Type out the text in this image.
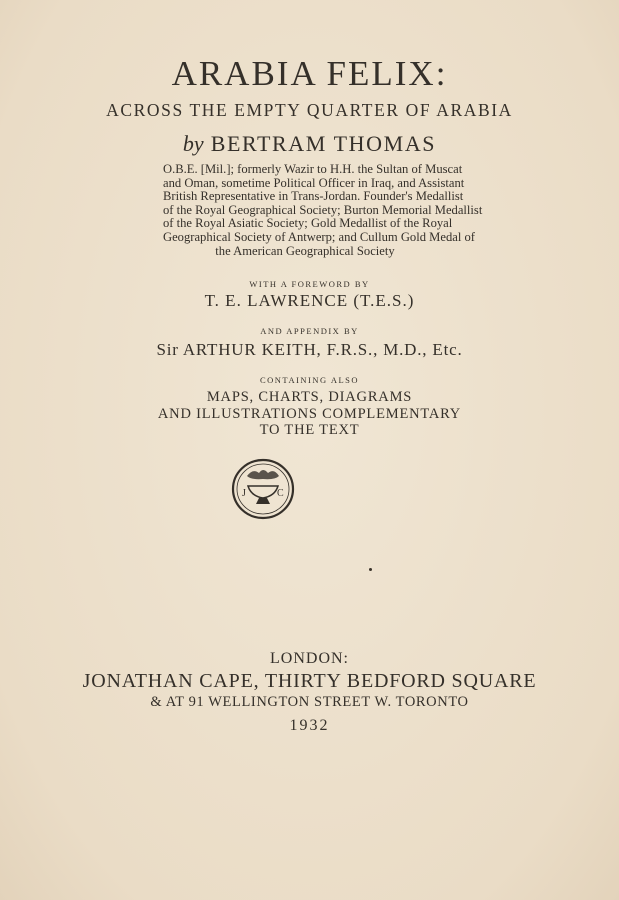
ARABIA FELIX:
ACROSS THE EMPTY QUARTER OF ARABIA
by BERTRAM THOMAS
O.B.E. [Mil.]; formerly Wazir to H.H. the Sultan of Muscat
and Oman, sometime Political Officer in Iraq, and Assistant
British Representative in Trans-Jordan. Founder's Medallist
of the Royal Geographical Society; Burton Memorial Medallist
of the Royal Asiatic Society; Gold Medallist of the Royal
Geographical Society of Antwerp; and Cullum Gold Medal of
the American Geographical Society
WITH A FOREWORD BY
T. E. LAWRENCE (T.E.S.)
AND APPENDIX BY
Sir ARTHUR KEITH, F.R.S., M.D., Etc.
CONTAINING ALSO
MAPS, CHARTS, DIAGRAMS
AND ILLUSTRATIONS COMPLEMENTARY
TO THE TEXT
J	C
LONDON:
JONATHAN CAPE, THIRTY BEDFORD SQUARE
& AT 91 WELLINGTON STREET W. TORONTO
1932
